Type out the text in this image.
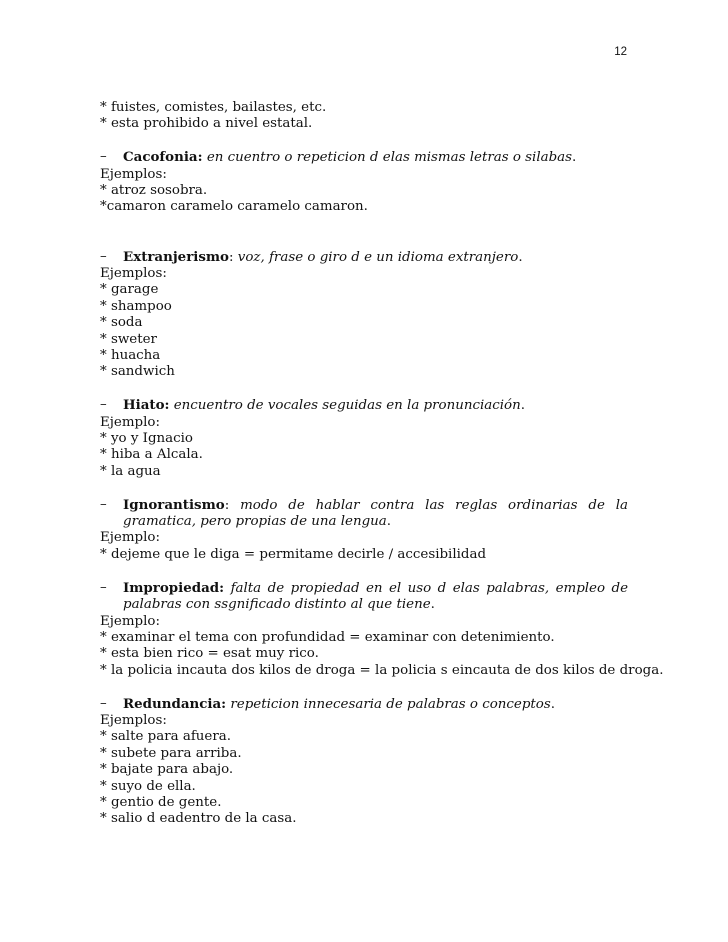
12
* fuistes, comistes, bailastes, etc.
* esta prohibido a nivel estatal.
– Cacofonia: en cuentro o repeticion d elas mismas letras o silabas.
Ejemplos:
* atroz sosobra.
*camaron caramelo caramelo camaron.
– Extranjerismo: voz, frase o giro d e un idioma extranjero.
Ejemplos:
* garage
* shampoo
* soda
* sweter
* huacha
* sandwich
– Hiato: encuentro de vocales seguidas en la pronunciación.
Ejemplo:
* yo y Ignacio
* hiba a Alcala.
* la agua
– Ignorantismo: modo de hablar contra las reglas ordinarias de la gramatica, pero propias de una lengua.
Ejemplo:
* dejeme que le diga = permitame decirle / accesibilidad
– Impropiedad: falta de propiedad en el uso d elas palabras, empleo de palabras con ssgnificado distinto al que tiene.
Ejemplo:
* examinar el tema con profundidad = examinar con detenimiento.
* esta bien rico = esat muy rico.
* la policia incauta dos kilos de droga = la policia s eincauta de dos kilos de droga.
– Redundancia: repeticion innecesaria de palabras o conceptos.
Ejemplos:
* salte para afuera.
* subete para arriba.
* bajate para abajo.
* suyo de ella.
* gentio de gente.
* salio d eadentro de la casa.
